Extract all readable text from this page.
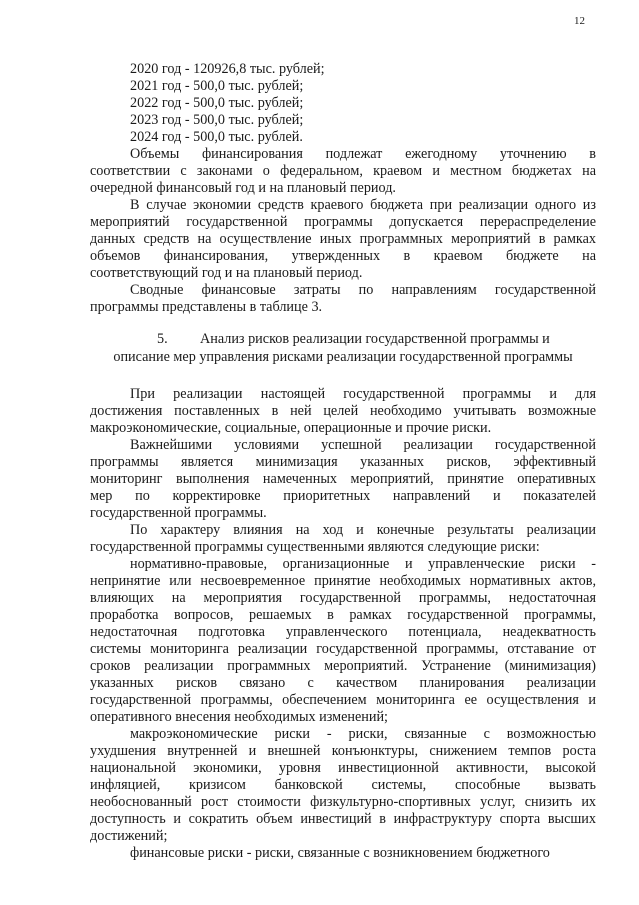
12
2020 год - 120926,8 тыс. рублей;
2021 год - 500,0 тыс. рублей;
2022 год - 500,0 тыс. рублей;
2023 год - 500,0 тыс. рублей;
2024 год - 500,0 тыс. рублей.
Объемы финансирования подлежат ежегодному уточнению в
соответствии с законами о федеральном, краевом и местном бюджетах на
очередной финансовый год и на плановый период.
В случае экономии средств краевого бюджета при реализации одного из
мероприятий государственной программы допускается перераспределение
данных средств на осуществление иных программных мероприятий в рамках
объемов финансирования, утвержденных в краевом бюджете на
соответствующий год и на плановый период.
Сводные финансовые затраты по направлениям государственной
программы представлены в таблице 3.
5.	Анализ рисков реализации государственной программы и
описание мер управления рисками реализации государственной программы
При реализации настоящей государственной программы и для
достижения поставленных в ней целей необходимо учитывать возможные
макроэкономические, социальные, операционные и прочие риски.
Важнейшими условиями успешной реализации государственной
программы является минимизация указанных рисков, эффективный
мониторинг выполнения намеченных мероприятий, принятие оперативных
мер по корректировке приоритетных направлений и показателей
государственной программы.
По характеру влияния на ход и конечные результаты реализации
государственной программы существенными являются следующие риски:
нормативно-правовые, организационные и управленческие риски -
непринятие или несвоевременное принятие необходимых нормативных актов,
влияющих на мероприятия государственной программы, недостаточная
проработка вопросов, решаемых в рамках государственной программы,
недостаточная подготовка управленческого потенциала, неадекватность
системы мониторинга реализации государственной программы, отставание от
сроков реализации программных мероприятий. Устранение (минимизация)
указанных рисков связано с качеством планирования реализации
государственной программы, обеспечением мониторинга ее осуществления и
оперативного внесения необходимых изменений;
макроэкономические риски - риски, связанные с возможностью
ухудшения внутренней и внешней конъюнктуры, снижением темпов роста
национальной экономики, уровня инвестиционной активности, высокой
инфляцией, кризисом банковской системы, способные вызвать
необоснованный рост стоимости физкультурно-спортивных услуг, снизить их
доступность и сократить объем инвестиций в инфраструктуру спорта высших
достижений;
финансовые риски - риски, связанные с возникновением бюджетного
